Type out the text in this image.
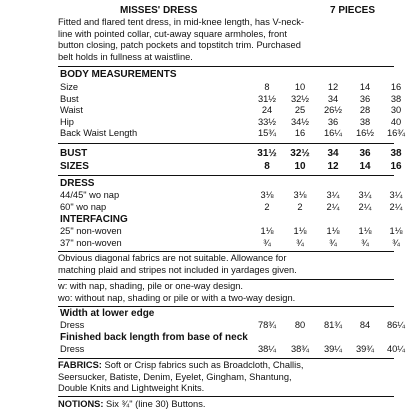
MISSES' DRESS	7 PIECES
Fitted and flared tent dress, in mid-knee length, has V-neck-
line with pointed collar, cut-away square armholes, front
button closing, patch pockets and topstitch trim. Purchased
belt holds in fullness at waistline.
BODY MEASUREMENTS
Size	8	10	12	14	16
Bust	31½	32½	34	36	38
Waist	24	25	26½	28	30
Hip	33½	34½	36	38	40
Back Waist Length	15¾	16	16¼	16½	16¾
BUST	31½	32½	34	36	38
SIZES	8	10	12	14	16
DRESS
44/45" wo nap	3⅛	3⅛	3¼	3¼	3¼
60" wo nap	2	2	2¼	2¼	2¼
INTERFACING
25" non-woven	1⅛	1⅛	1⅛	1⅛	1⅛
37" non-woven	¾	¾	¾	¾	¾
Obvious diagonal fabrics are not suitable. Allowance for
matching plaid and stripes not included in yardages given.
w: with nap, shading, pile or one-way design.
wo: without nap, shading or pile or with a two-way design.
Width at lower edge
Dress	78¾	80	81¾	84	86¼
Finished back length from base of neck
Dress	38¼	38¾	39¼	39¾	40¼
FABRICS: Soft or Crisp fabrics such as Broadcloth, Challis,
Seersucker, Batiste, Denim, Eyelet, Gingham, Shantung,
Double Knits and Lightweight Knits.
NOTIONS: Six ¾" (line 30) Buttons.
